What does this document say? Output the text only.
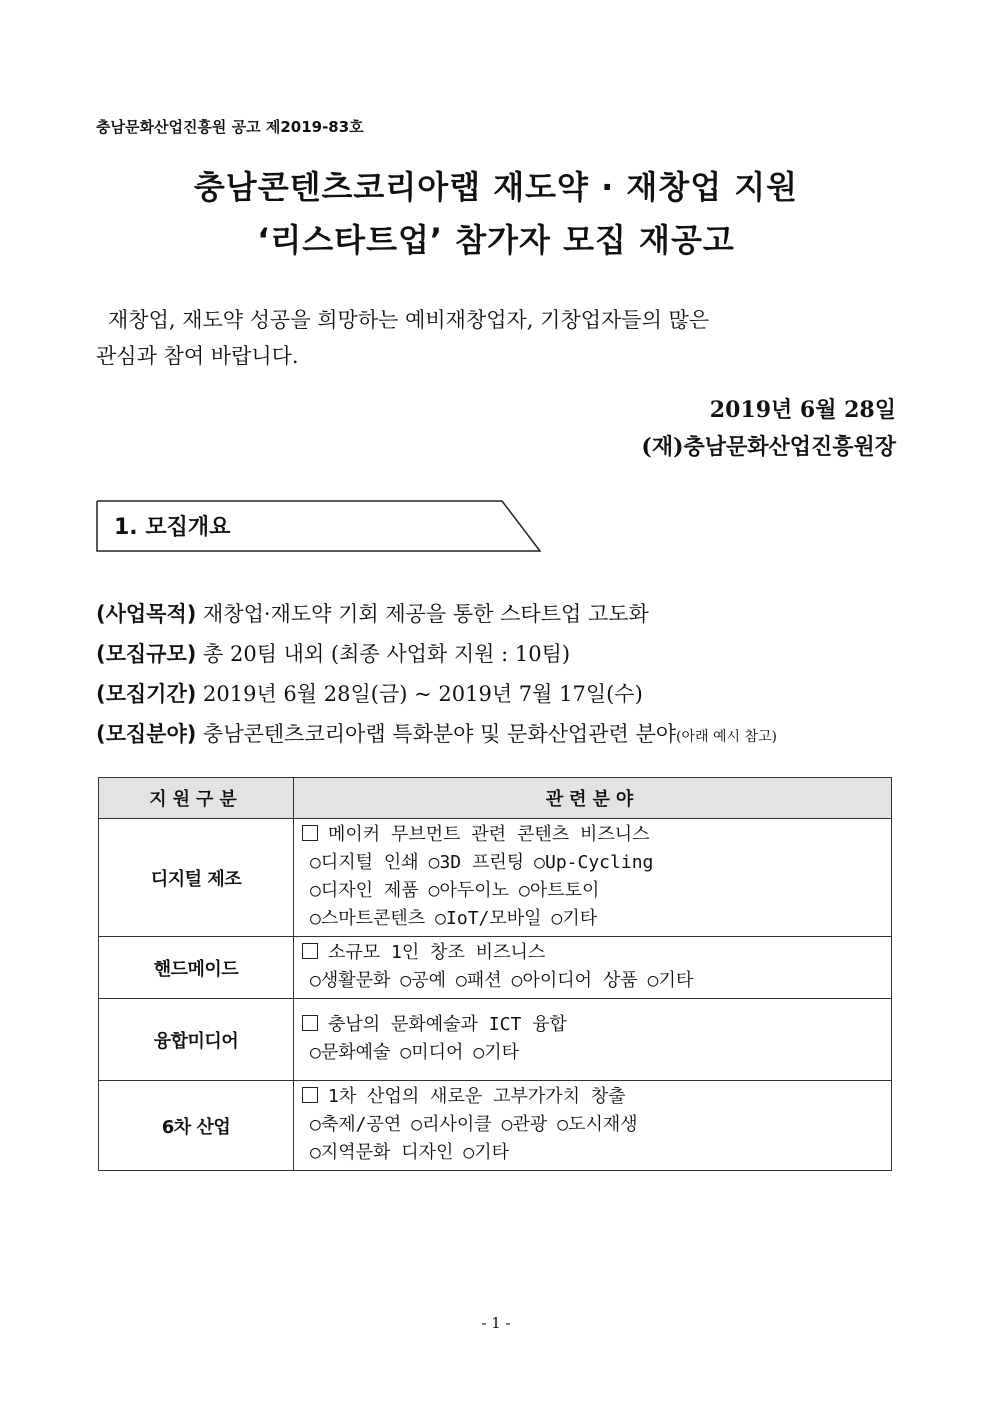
충남문화산업진흥원 공고 제2019-83호
충남콘텐츠코리아랩 재도약 · 재창업 지원
‘리스타트업’ 참가자 모집 재공고
재창업, 재도약 성공을 희망하는 예비재창업자, 기창업자들의 많은
관심과 참여 바랍니다.
2019년 6월 28일
(재)충남문화산업진흥원장
1. 모집개요
(사업목적) 재창업·재도약 기회 제공을 통한 스타트업 고도화
(모집규모) 총 20팀 내외 (최종 사업화 지원 : 10팀)
(모집기간) 2019년 6월 28일(금) ~ 2019년 7월 17일(수)
(모집분야) 충남콘텐츠코리아랩 특화분야 및 문화산업관련 분야(아래 예시 참고)
지원구분	관련분야
디지털 제조	메이커 무브먼트 관련 콘텐츠 비즈니스
○ 디지털 인쇄 ○ 3D 프린팅 ○ Up-Cycling
○ 디자인 제품 ○ 아두이노 ○ 아트토이
○ 스마트콘텐츠 ○ IoT/모바일 ○ 기타

핸드메이드	소규모 1인 창조 비즈니스
○ 생활문화 ○ 공예 ○ 패션 ○ 아이디어 상품 ○ 기타

융합미디어	충남의 문화예술과 ICT 융합
○ 문화예술 ○ 미디어 ○ 기타

6차 산업	1차 산업의 새로운 고부가가치 창출
○ 축제/공연 ○ 리사이클 ○ 관광 ○ 도시재생
○ 지역문화 디자인 ○ 기타
- 1 -
